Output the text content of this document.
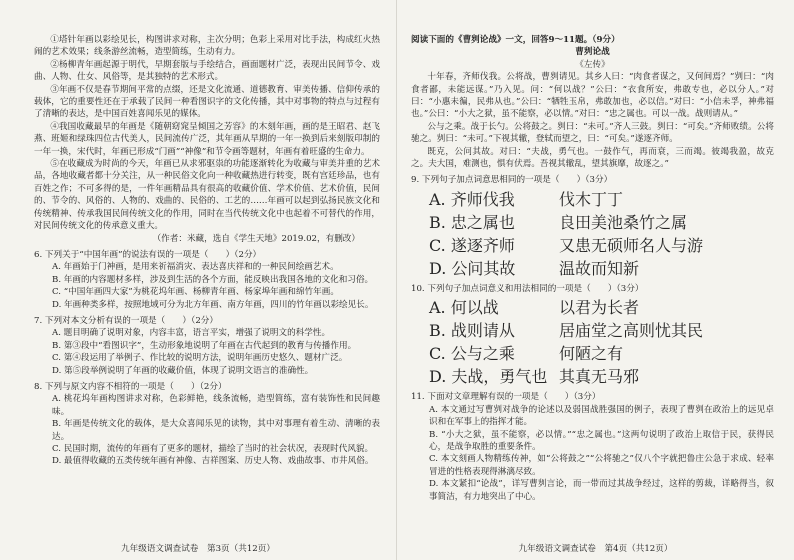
①塔针年画以彩绘见长，构图讲求对称，主次分明；色彩上采用对比手法，构成红火热闹的艺术效果；线条游丝流畅，造型简练，生动有力。

②杨柳青年画起源于明代，早期套版与手绘结合，画面题材广泛，表现出民间节令、戏曲、人物、仕女、风俗等，是其独特的艺术形式。

③年画不仅是春节期间平常的点缀，还是文化流通、道德教育、审美传播、信仰传承的载体，它的重要性还在于承载了民间一种看图识字的文化传播，其中对事物的特点与过程有了清晰的表达，是中国百姓喜闻乐见的媒体。

④我国收藏最早的年画是《随朝窈窕呈倾国之芳容》的木刻年画，画的是王昭君、赵飞燕、班姬和绿珠四位古代美人，民间流传广泛，其年画从早期的一年一换到后来刻版印制的一年一换，宋代时，年画已形成“门画”“神像”和节令画等题材，年画有着旺盛的生命力。

⑤在收藏成为时尚的今天，年画已从求邪驱祟的功能逐渐转化为收藏与审美并重的艺术品，各地收藏者都十分关注，从一种民俗文化向一种收藏热进行转变，既有宫廷珍品，也有百姓之作；不可多得的是，一件年画精品具有很高的收藏价值、学术价值、艺术价值，民间的、节令的、风俗的、人物的、戏曲的、民俗的、工艺的……年画可以起到弘扬民族文化和传统精神、传承我国民间传统文化的作用，同时在当代传统文化中也起着不可替代的作用，对民间传统文化的传承意义重大。

（作者：米藏，选自《学生天地》2019.02，有删改）

6. 下列关于“中国年画”的说法有误的一项是（　　）（2分）

A. 年画始于门神画，是用来祈福消灾、表达喜庆祥和的一种民间绘画艺术。

B. 年画的内容题材多样，涉及到生活的各个方面，能反映出我国各地的文化和习俗。

C. “中国年画四大家”为桃花坞年画、杨柳青年画、杨家埠年画和绵竹年画。

D. 年画种类多样，按照地域可分为北方年画、南方年画，四川的竹年画以彩绘见长。

7. 下列对本文分析有误的一项是（　　）（2分）

A. 题目明确了说明对象，内容丰富，语言平实，增强了说明文的科学性。

B. 第③段中“看图识字”，生动形象地说明了年画在古代起到的教育与传播作用。

C. 第④段运用了举例子、作比较的说明方法，说明年画历史悠久、题材广泛。

D. 第⑤段举例说明了年画的收藏价值，体现了说明文语言的准确性。

8. 下列与原文内容不相符的一项是（　　）（2分）

A. 桃花坞年画构图讲求对称，色彩鲜艳，线条流畅，造型简练，富有装饰性和民间趣味。

B. 年画是传统文化的载体，是大众喜闻乐见的读物，其中对事理有着生动、清晰的表达。

C. 民国时期，流传的年画有了更多的题材，描绘了当时的社会状况，表现时代风貌。

D. 最值得收藏的五类传统年画有神像、吉祥图案、历史人物、戏曲故事、市井风俗。

九年级语文调查试卷　第3页（共12页）

阅读下面的《曹刿论战》一文，回答9～11题。（9分）

曹刿论战

《左传》

十年春，齐师伐我。公将战，曹刿请见。其乡人曰：“肉食者谋之，又何间焉？”刿曰：“肉食者鄙，未能远谋。”乃入见。问：“何以战？”公曰：“衣食所安，弗敢专也，必以分人。”对曰：“小惠未徧，民弗从也。”公曰：“牺牲玉帛，弗敢加也，必以信。”对曰：“小信未孚，神弗福也。”公曰：“小大之狱，虽不能察，必以情。”对曰：“忠之属也。可以一战。战则请从。”

公与之乘。战于长勺。公将鼓之。刿曰：“未可。”齐人三鼓。刿曰：“可矣。”齐师败绩。公将驰之。刿曰：“未可。”下视其辙，登轼而望之，曰：“可矣。”遂逐齐师。

既克，公问其故。对曰：“夫战，勇气也。一鼓作气，再而衰，三而竭。彼竭我盈，故克之。夫大国，难测也，惧有伏焉。吾视其辙乱，望其旗靡，故逐之。”

9. 下列句子加点词意思相同的一项是（　　）（3分）

A. 齐师伐我	伐木丁丁
B. 忠之属也	良田美池桑竹之属
C. 遂逐齐师	又患无硕师名人与游
D. 公问其故	温故而知新

10. 下列句子加点词意义和用法相同的一项是（　　）（3分）

A. 何以战	以君为长者
B. 战则请从	居庙堂之高则忧其民
C. 公与之乘	何陋之有
D. 夫战，勇气也 其真无马邪

11. 下面对文章理解有误的一项是（　　）（3分）

A. 本文通过写曹刿对战争的论述以及弱国战胜强国的例子，表现了曹刿在政治上的远见卓识和在军事上的指挥才能。

B. “小大之狱，虽不能察，必以情。”“忠之属也。”这两句说明了政治上取信于民，获得民心，是战争取胜的重要条件。

C. 本文刻画人物精练传神，如“公将鼓之”“公将驰之”仅八个字就把鲁庄公急于求成、轻率冒进的性格表现得淋漓尽致。

D. 本文紧扣“论战”，详写曹刿言论，而一带而过其战争经过，这样的剪裁，详略得当，叙事简洁，有力地突出了中心。

九年级语文调查试卷　第4页（共12页）
